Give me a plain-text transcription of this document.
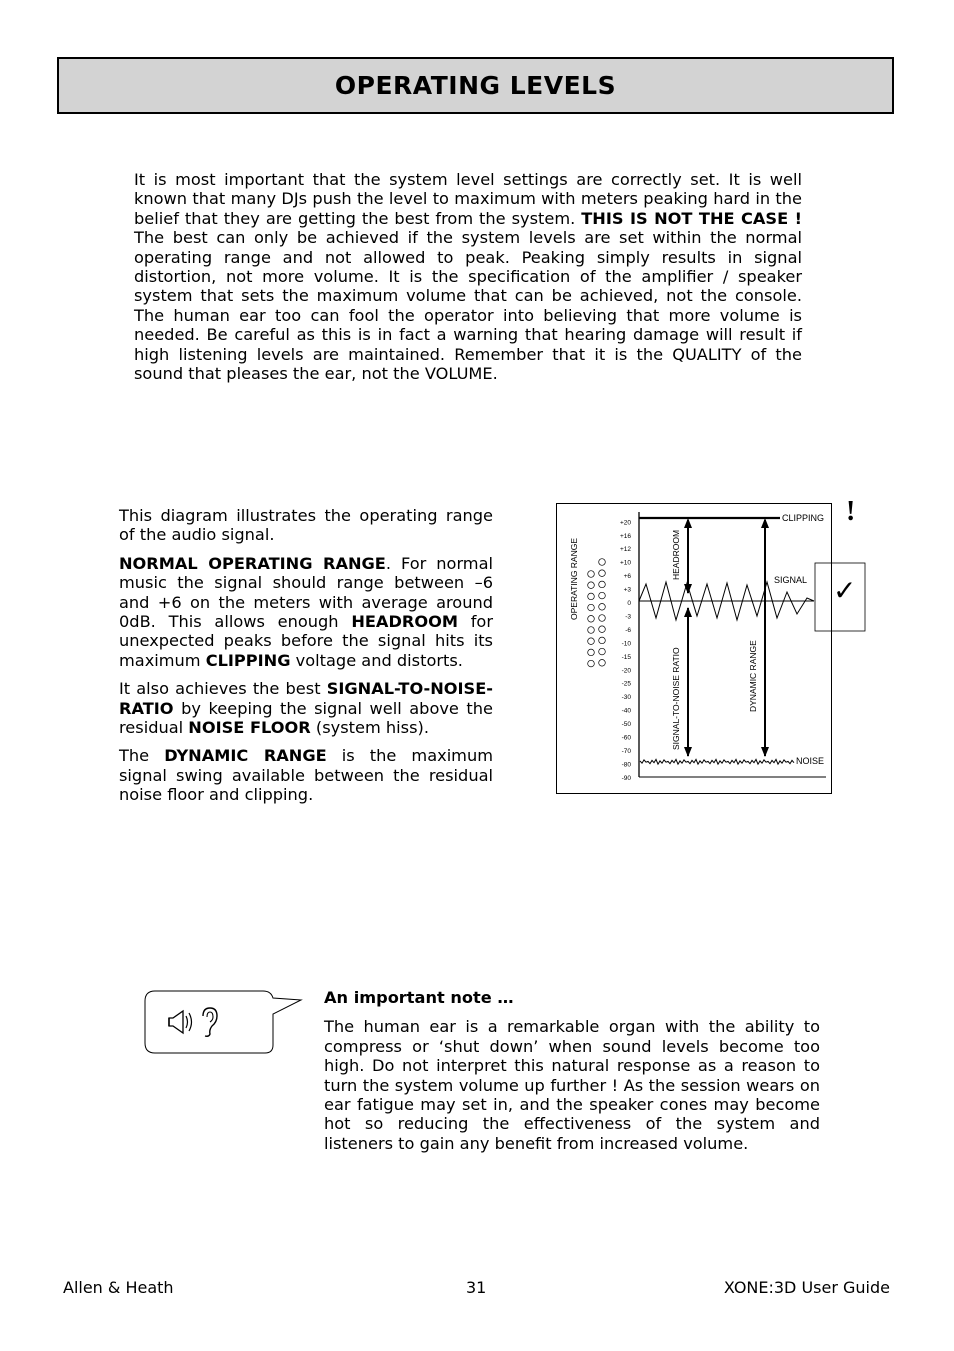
OPERATING LEVELS

It is most important that the system level settings are correctly set. It is well known that many DJs push the level to maximum with meters peaking hard in the belief that they are getting the best from the system. THIS IS NOT THE CASE ! The best can only be achieved if the system levels are set within the normal operating range and not allowed to peak. Peaking simply results in signal distortion, not more volume. It is the specification of the amplifier / speaker system that sets the maximum volume that can be achieved, not the console. The human ear too can fool the operator into believing that more volume is needed. Be careful as this is in fact a warning that hearing damage will result if high listening levels are maintained. Remember that it is the QUALITY of the sound that pleases the ear, not the VOLUME.

This diagram illustrates the operating range of the audio signal.

NORMAL OPERATING RANGE. For normal music the signal should range between –6 and +6 on the meters with average around 0dB. This allows enough HEADROOM for unexpected peaks before the signal hits its maximum CLIPPING voltage and distorts.

It also achieves the best SIGNAL-TO-NOISE-RATIO by keeping the signal well above the residual NOISE FLOOR (system hiss).

The DYNAMIC RANGE is the maximum signal swing available between the residual noise floor and clipping.

+20
+16
+12
+10
+6
+3
0
-3
-6
-10
-15
-20
-25
-30
-40
-50
-60
-70
-80
-90
CLIPPING !
SIGNAL ✓
NOISE
HEADROOM
SIGNAL-TO-NOISE RATIO	DYNAMIC RANGE
OPERATING RANGE
An important note …

The human ear is a remarkable organ with the ability to compress or ‘shut down’ when sound levels become too high. Do not interpret this natural response as a reason to turn the system volume up further ! As the session wears on ear fatigue may set in, and the speaker cones may become hot so reducing the effectiveness of the system and listeners to gain any benefit from increased volume.

Allen & Heath	31	XONE:3D User Guide
